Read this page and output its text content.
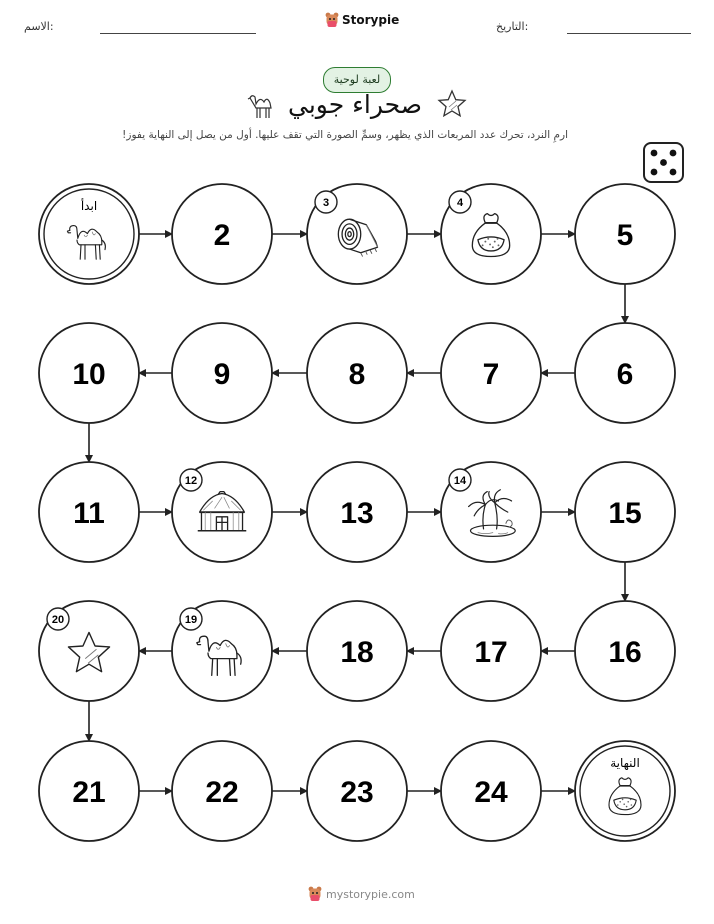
الاسم:	التاريخ:
Storypie
لعبة لوحية
صحراء جوبي
ارمِ النرد، تحرك عدد المربعات الذي يظهر، وسمِّ الصورة التي تقف عليها. أول من يصل إلى النهاية يفوز!
ابدأ
2
3	4
5
6
7
8
9
10
11
12
13
14
15
16
17
18
19
20
21	22	23	24
النهاية
mystorypie.com
